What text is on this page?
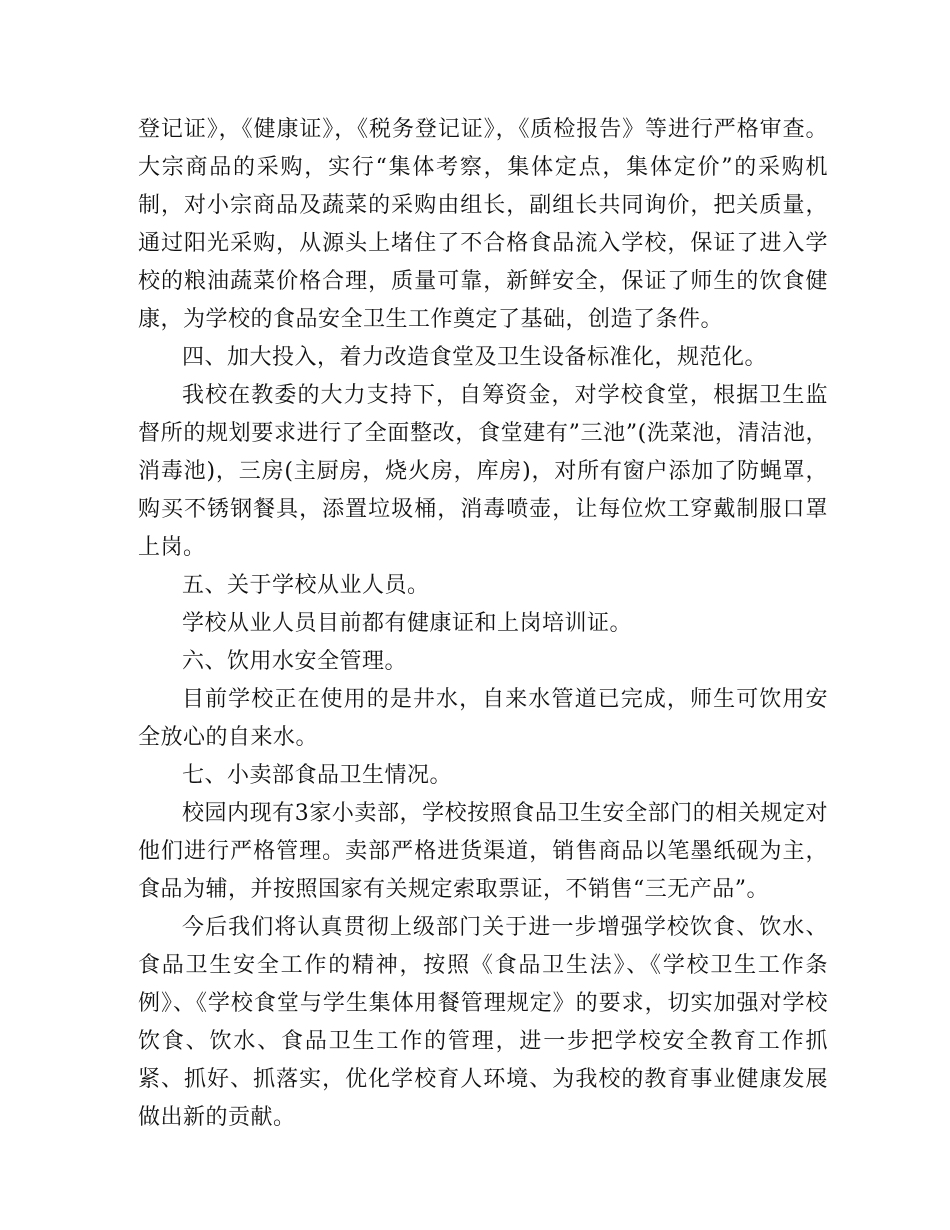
登记证》，《健康证》，《税务登记证》，《质检报告》等进行严格审查。大宗商品的采购，实行“集体考察，集体定点，集体定价”的采购机制，对小宗商品及蔬菜的采购由组长，副组长共同询价，把关质量，通过阳光采购，从源头上堵住了不合格食品流入学校，保证了进入学校的粮油蔬菜价格合理，质量可靠，新鲜安全，保证了师生的饮食健康，为学校的食品安全卫生工作奠定了基础，创造了条件。

四、加大投入，着力改造食堂及卫生设备标准化，规范化。

我校在教委的大力支持下，自筹资金，对学校食堂，根据卫生监督所的规划要求进行了全面整改，食堂建有”三池”(洗菜池，清洁池，消毒池)，三房(主厨房，烧火房，库房)，对所有窗户添加了防蝇罩，购买不锈钢餐具，添置垃圾桶，消毒喷壶，让每位炊工穿戴制服口罩上岗。

五、关于学校从业人员。

学校从业人员目前都有健康证和上岗培训证。

六、饮用水安全管理。

目前学校正在使用的是井水，自来水管道已完成，师生可饮用安全放心的自来水。

七、小卖部食品卫生情况。

校园内现有3家小卖部，学校按照食品卫生安全部门的相关规定对他们进行严格管理。卖部严格进货渠道，销售商品以笔墨纸砚为主，食品为辅，并按照国家有关规定索取票证，不销售“三无产品”。

今后我们将认真贯彻上级部门关于进一步增强学校饮食、饮水、食品卫生安全工作的精神，按照《食品卫生法》、《学校卫生工作条例》、《学校食堂与学生集体用餐管理规定》的要求，切实加强对学校饮食、饮水、食品卫生工作的管理，进一步把学校安全教育工作抓紧、抓好、抓落实，优化学校育人环境、为我校的教育事业健康发展做出新的贡献。
